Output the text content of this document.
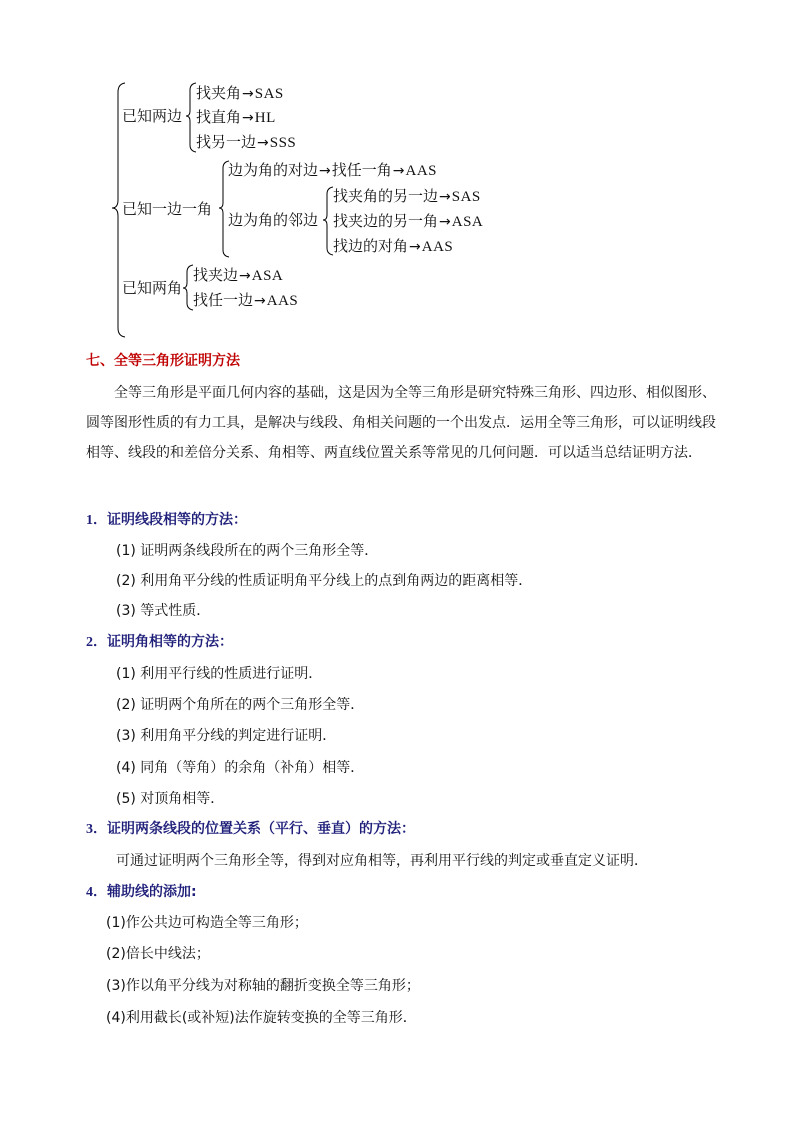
已知两边
找夹角→SAS
找直角→HL
找另一边→SSS
已知一边一角
边为角的对边→找任一角→AAS
边为角的邻边
找夹角的另一边→SAS
找夹边的另一角→ASA
找边的对角→AAS
已知两角
找夹边→ASA
找任一边→AAS
七、全等三角形证明方法
全等三角形是平面几何内容的基础，这是因为全等三角形是研究特殊三角形、四边形、相似图形、圆等图形性质的有力工具，是解决与线段、角相关问题的一个出发点．运用全等三角形，可以证明线段相等、线段的和差倍分关系、角相等、两直线位置关系等常见的几何问题．可以适当总结证明方法．
1．证明线段相等的方法：
(1) 证明两条线段所在的两个三角形全等．
(2) 利用角平分线的性质证明角平分线上的点到角两边的距离相等．
(3) 等式性质．
2．证明角相等的方法：
(1) 利用平行线的性质进行证明．
(2) 证明两个角所在的两个三角形全等．
(3) 利用角平分线的判定进行证明．
(4) 同角（等角）的余角（补角）相等．
(5) 对顶角相等．
3．证明两条线段的位置关系（平行、垂直）的方法：
可通过证明两个三角形全等，得到对应角相等，再利用平行线的判定或垂直定义证明．
4．辅助线的添加:
(1)作公共边可构造全等三角形；
(2)倍长中线法；
(3)作以角平分线为对称轴的翻折变换全等三角形；
(4)利用截长(或补短)法作旋转变换的全等三角形．
